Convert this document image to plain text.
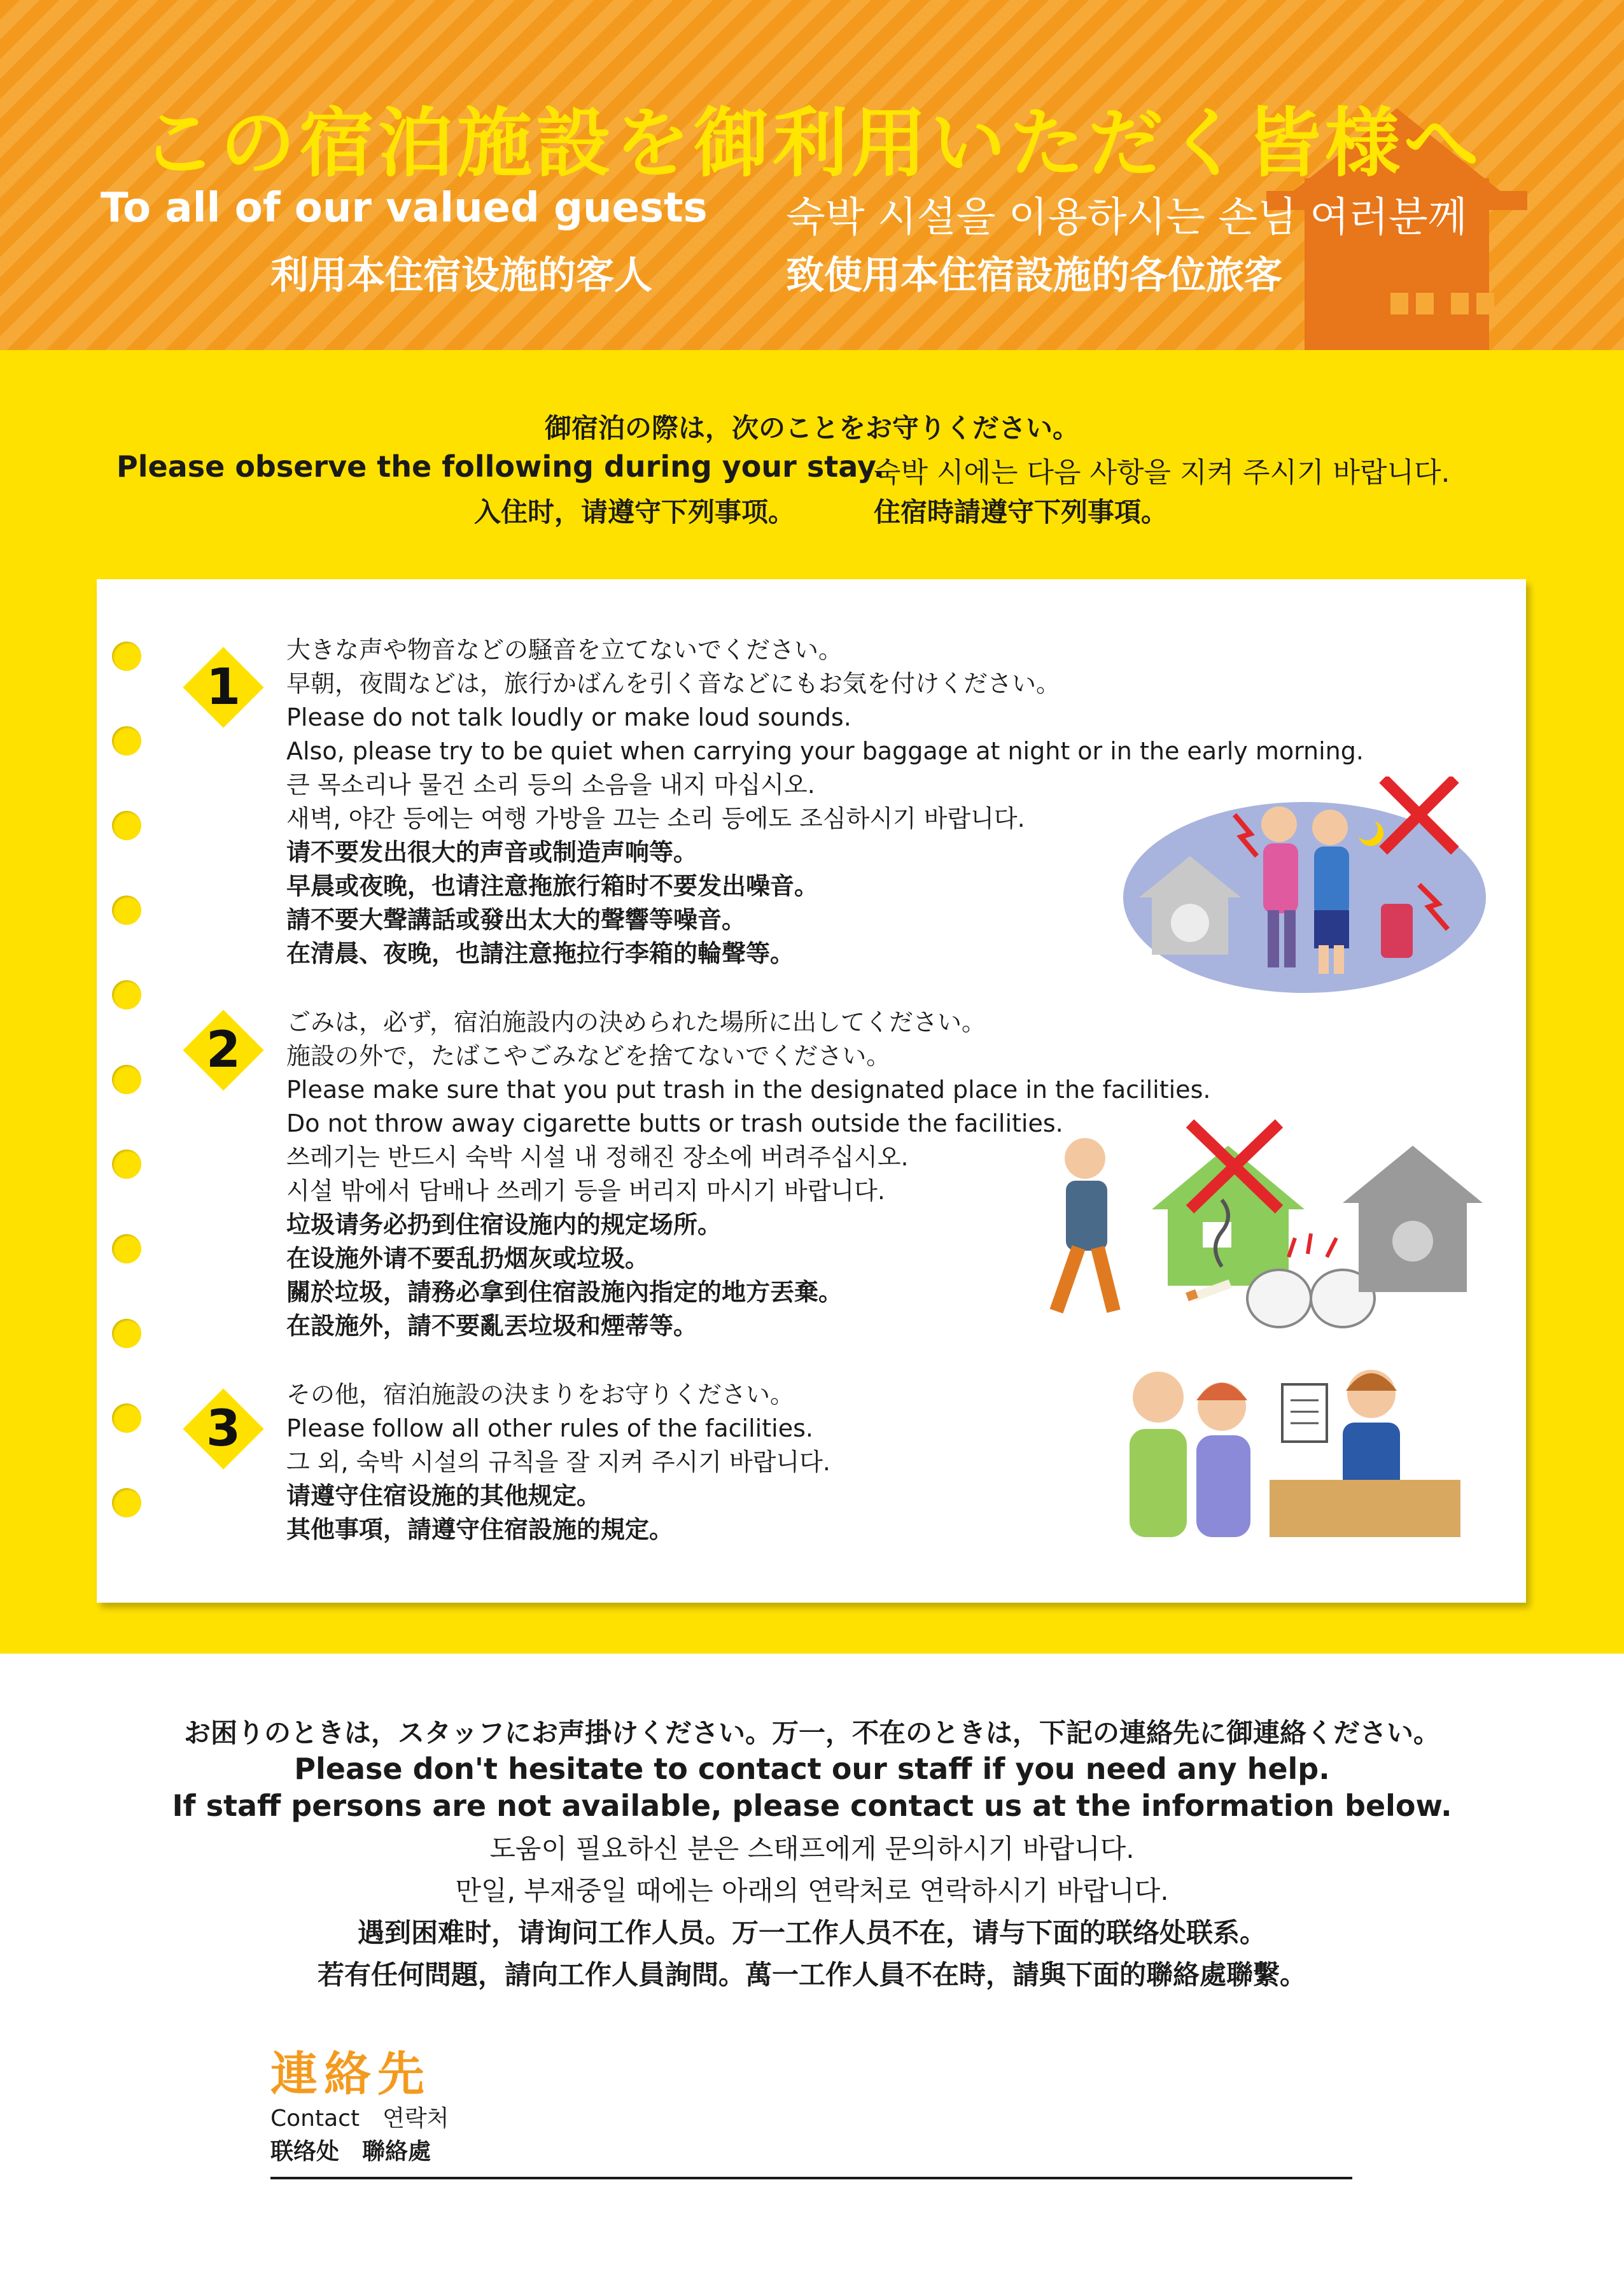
この宿泊施設を御利用いただく皆様へ
To all of our valued guests 숙박 시설을 이용하시는 손님 여러분께
利用本住宿设施的客人	致使用本住宿設施的各位旅客
御宿泊の際は，次のことをお守りください。
Please observe the following during your stay.
숙박 시에는 다음 사항을 지켜 주시기 바랍니다.
入住时，请遵守下列事项。	住宿時請遵守下列事項。
1
大きな声や物音などの騒音を立てないでください。
早朝，夜間などは，旅行かばんを引く音などにもお気を付けください。
Please do not talk loudly or make loud sounds.
Also, please try to be quiet when carrying your baggage at night or in the early morning.
큰 목소리나 물건 소리 등의 소음을 내지 마십시오.
새벽, 야간 등에는 여행 가방을 끄는 소리 등에도 조심하시기 바랍니다.
请不要发出很大的声音或制造声响等。
早晨或夜晚，也请注意拖旅行箱时不要发出噪音。
請不要大聲講話或發出太大的聲響等噪音。
在清晨、夜晚，也請注意拖拉行李箱的輪聲等。
2	ごみは，必ず，宿泊施設内の決められた場所に出してください。
施設の外で，たばこやごみなどを捨てないでください。
Please make sure that you put trash in the designated place in the facilities.
Do not throw away cigarette butts or trash outside the facilities.
쓰레기는 반드시 숙박 시설 내 정해진 장소에 버려주십시오.
시설 밖에서 담배나 쓰레기 등을 버리지 마시기 바랍니다.
垃圾请务必扔到住宿设施内的规定场所。
在设施外请不要乱扔烟灰或垃圾。
關於垃圾，請務必拿到住宿設施內指定的地方丟棄。
在設施外，請不要亂丟垃圾和煙蒂等。
3
その他，宿泊施設の決まりをお守りください。
Please follow all other rules of the facilities.
그 외, 숙박 시설의 규칙을 잘 지켜 주시기 바랍니다.
请遵守住宿设施的其他规定。
其他事項，請遵守住宿設施的規定。
お困りのときは，スタッフにお声掛けください。万一，不在のときは，下記の連絡先に御連絡ください。
Please don't hesitate to contact our staff if you need any help.
If staff persons are not available, please contact us at the information below.
도움이 필요하신 분은 스태프에게 문의하시기 바랍니다.
만일, 부재중일 때에는 아래의 연락처로 연락하시기 바랍니다.
遇到困难时，请询问工作人员。万一工作人员不在，请与下面的联络处联系。
若有任何問題，請向工作人員詢問。萬一工作人員不在時，請與下面的聯絡處聯繫。
連絡先
Contact　연락처
联络处　聯絡處
